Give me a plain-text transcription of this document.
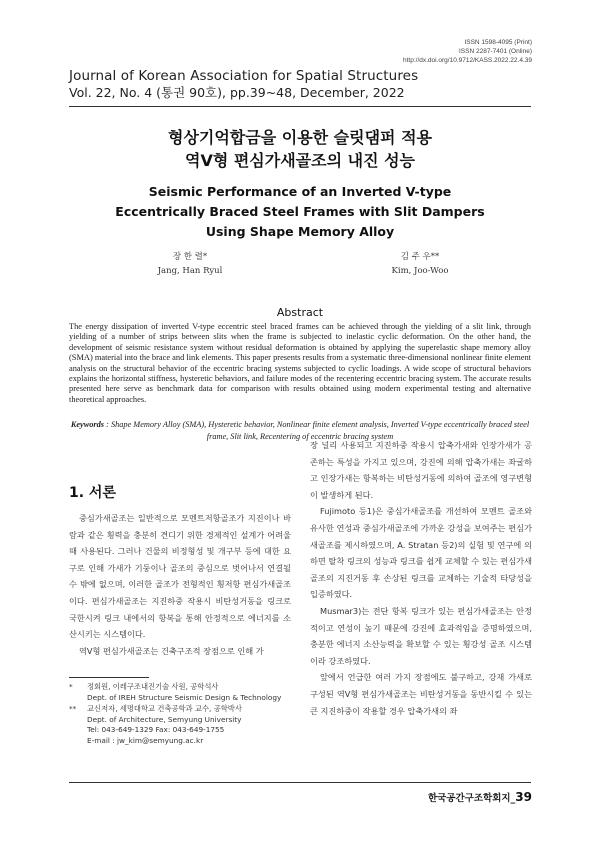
ISSN 1598-4095 (Print)
ISSN 2287-7401 (Online)
http://dx.doi.org/10.9712/KASS.2022.22.4.39
Journal of Korean Association for Spatial Structures
Vol. 22, No. 4 (통권 90호), pp.39~48, December, 2022
형상기억합금을 이용한 슬릿댐퍼 적용
역V형 편심가새골조의 내진 성능
Seismic Performance of an Inverted V-type
Eccentrically Braced Steel Frames with Slit Dampers
Using Shape Memory Alloy
장 한 렬*
Jang, Han Ryul
김 주 우**
Kim, Joo-Woo
Abstract
The energy dissipation of inverted V-type eccentric steel braced frames can be achieved through the yielding of a slit link, through yielding of a number of strips between slits when the frame is subjected to inelastic cyclic deformation. On the other hand, the development of seismic resistance system without residual deformation is obtained by applying the superelastic shape memory alloy (SMA) material into the brace and link elements. This paper presents results from a systematic three-dimensional nonlinear finite element analysis on the structural behavior of the eccentric bracing systems subjected to cyclic loadings. A wide scope of structural behaviors explains the horizontal stiffness, hysteretic behaviors, and failure modes of the recentering eccentric bracing system. The accurate results presented here serve as benchmark data for comparison with results obtained using modern experimental testing and alternative theoretical approaches.
Keywords : Shape Memory Alloy (SMA), Hysteretic behavior, Nonlinear finite element analysis, Inverted V-type eccentrically braced steel frame, Slit link, Recentering of eccentric bracing system
1. 서론

중심가새골조는 일반적으로 모멘트저항골조가 지진이나 바람과 같은 횡력을 충분히 견디기 위한 경제적인 설계가 어려울 때 사용된다. 그러나 건물의 비정형성 및 개구부 등에 대한 요구로 인해 가새가 기둥이나 골조의 중심으로 벗어나서 연결될 수 밖에 없으며, 이러한 골조가 전형적인 횡저항 편심가새골조이다. 편심가새골조는 지진하중 작용시 비탄성거동을 링크로 국한시켜 링크 내에서의 항복을 통해 안정적으로 에너지를 소산시키는 시스템이다.

역V형 편심가새골조는 건축구조적 장점으로 인해 가

*	정회원, 이레구조내진기술 사원, 공학석사
Dept. of IREH Structure Seismic Design & Technology
**	교신저자, 세명대학교 건축공학과 교수, 공학박사
Dept. of Architecture, Semyung University
Tel: 043-649-1329 Fax: 043-649-1755
E-mail : jw_kim@semyung.ac.kr

장 널리 사용되고 지진하중 작용시 압축가새와 인장가새가 공존하는 특성을 가지고 있으며, 강진에 의해 압축가새는 좌굴하고 인장가새는 항복하는 비탄성거동에 의하여 골조에 영구변형이 발생하게 된다.

Fujimoto 등1)은 중심가새골조를 개선하여 모멘트 골조와 유사한 연성과 중심가새골조에 가까운 강성을 보여주는 편심가새골조를 제시하였으며, A. Stratan 등2)의 실험 및 연구에 의하면 탈착 링크의 성능과 링크를 쉽게 교체할 수 있는 편심가새골조의 지진거동 후 손상된 링크를 교체하는 기술적 타당성을 입증하였다.

Musmar3)는 전단 항복 링크가 있는 편심가새골조는 안정적이고 연성이 높기 때문에 강진에 효과적임을 증명하였으며, 충분한 에너지 소산능력을 확보할 수 있는 횡강성 골조 시스템이라 강조하였다.

앞에서 언급한 여러 가지 장점에도 불구하고, 강재 가새로 구성된 역V형 편심가새골조는 비탄성거동을 동반시킬 수 있는 큰 지진하중이 작용할 경우 압축가새의 좌

한국공간구조학회지_39
